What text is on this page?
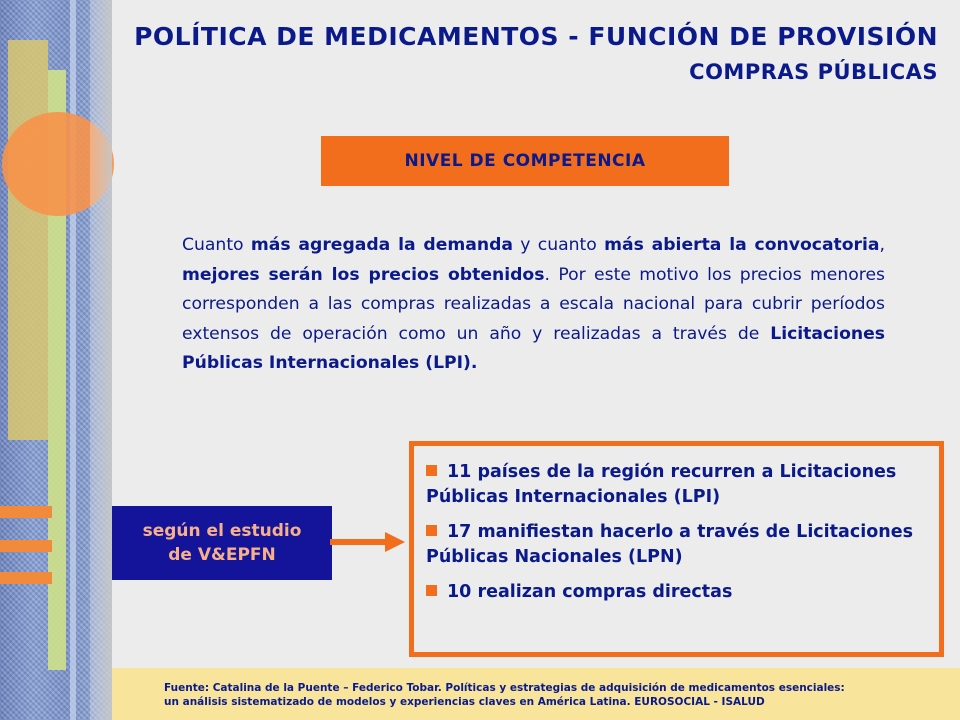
POLÍTICA DE MEDICAMENTOS - FUNCIÓN DE PROVISIÓN
COMPRAS PÚBLICAS
NIVEL DE COMPETENCIA

Cuanto más agregada la demanda y cuanto más abierta la convocatoria, mejores serán los precios obtenidos. Por este motivo los precios menores corresponden a las compras realizadas a escala nacional para cubrir períodos extensos de operación como un año y realizadas a través de Licitaciones Públicas Internacionales (LPI).

según el estudio
de V&EPFN

11 países de la región recurren a Licitaciones Públicas Internacionales (LPI)

17 manifiestan hacerlo a través de Licitaciones Públicas Nacionales (LPN)

10 realizan compras directas

Fuente: Catalina de la Puente – Federico Tobar. Políticas y estrategias de adquisición de medicamentos esenciales:
un análisis sistematizado de modelos y experiencias claves en América Latina. EUROSOCIAL - ISALUD
